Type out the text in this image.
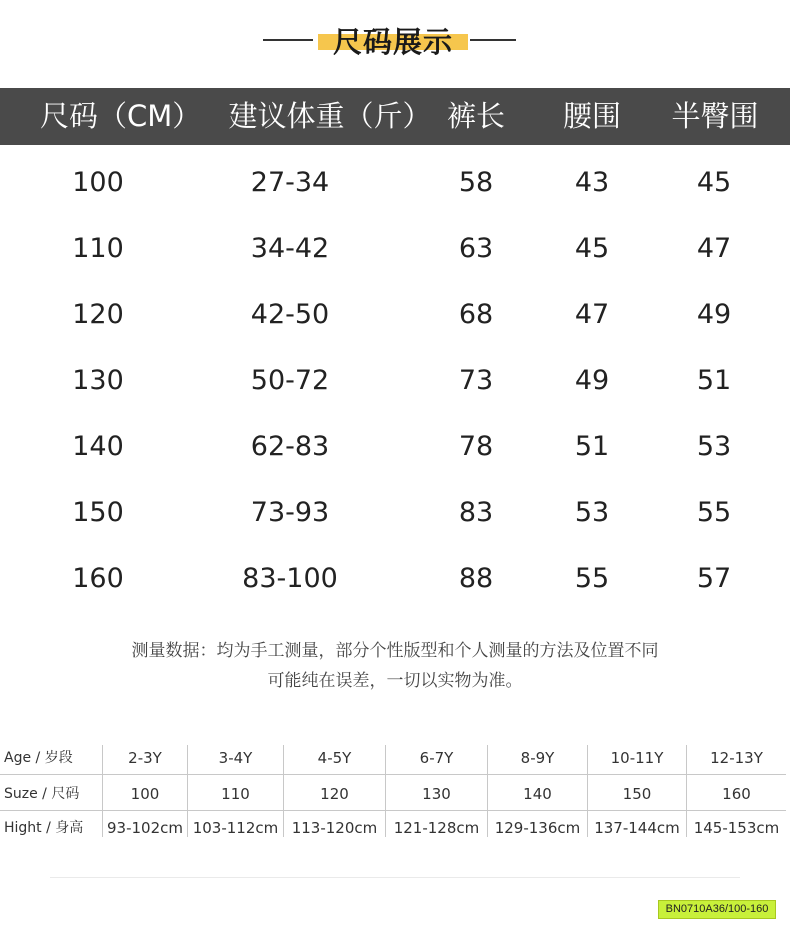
尺码展示
尺码（CM） 建议体重（斤） 裤长 腰围 半臀围
100	27-34	58	43	45
110	34-42	63	45	47
120	42-50	68	47	49
130	50-72	73	49	51
140	62-83	78	51	53
150	73-93	83	53	55
160	83-100	88	55	57
测量数据：均为手工测量，部分个性版型和个人测量的方法及位置不同
可能纯在误差，一切以实物为准。
Age / 岁段	2-3Y	3-4Y	4-5Y	6-7Y	8-9Y	10-11Y	12-13Y
Suze / 尺码	100	110	120	130	140	150	160
Hight / 身高	93-102cm 103-112cm 113-120cm	121-128cm	129-136cm 137-144cm 145-153cm
BN0710A36/100-160
